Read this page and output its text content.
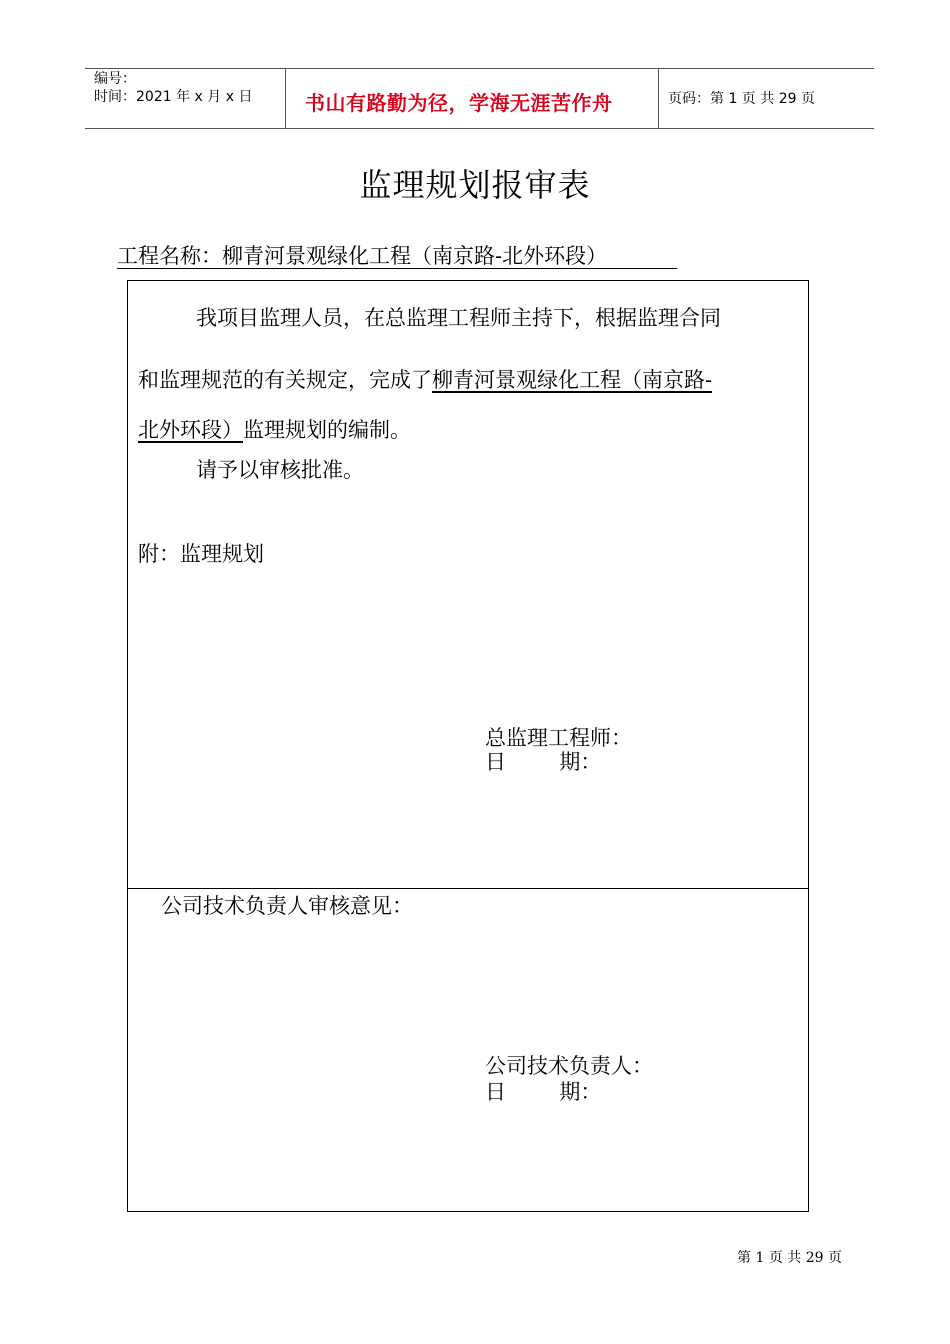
编号：
时间：2021 年 x 月 x 日	书山有路勤为径，学海无涯苦作舟	页码：第 1 页 共 29 页
监理规划报审表
工程名称：柳青河景观绿化工程（南京路-北外环段）
我项目监理人员，在总监理工程师主持下，根据监理合同
和监理规范的有关规定，完成了柳青河景观绿化工程（南京路-
北外环段）监理规划的编制。
请予以审核批准。
附：监理规划
总监理工程师：
日        期：
公司技术负责人审核意见：
公司技术负责人：
日        期：
第 1 页 共 29 页
